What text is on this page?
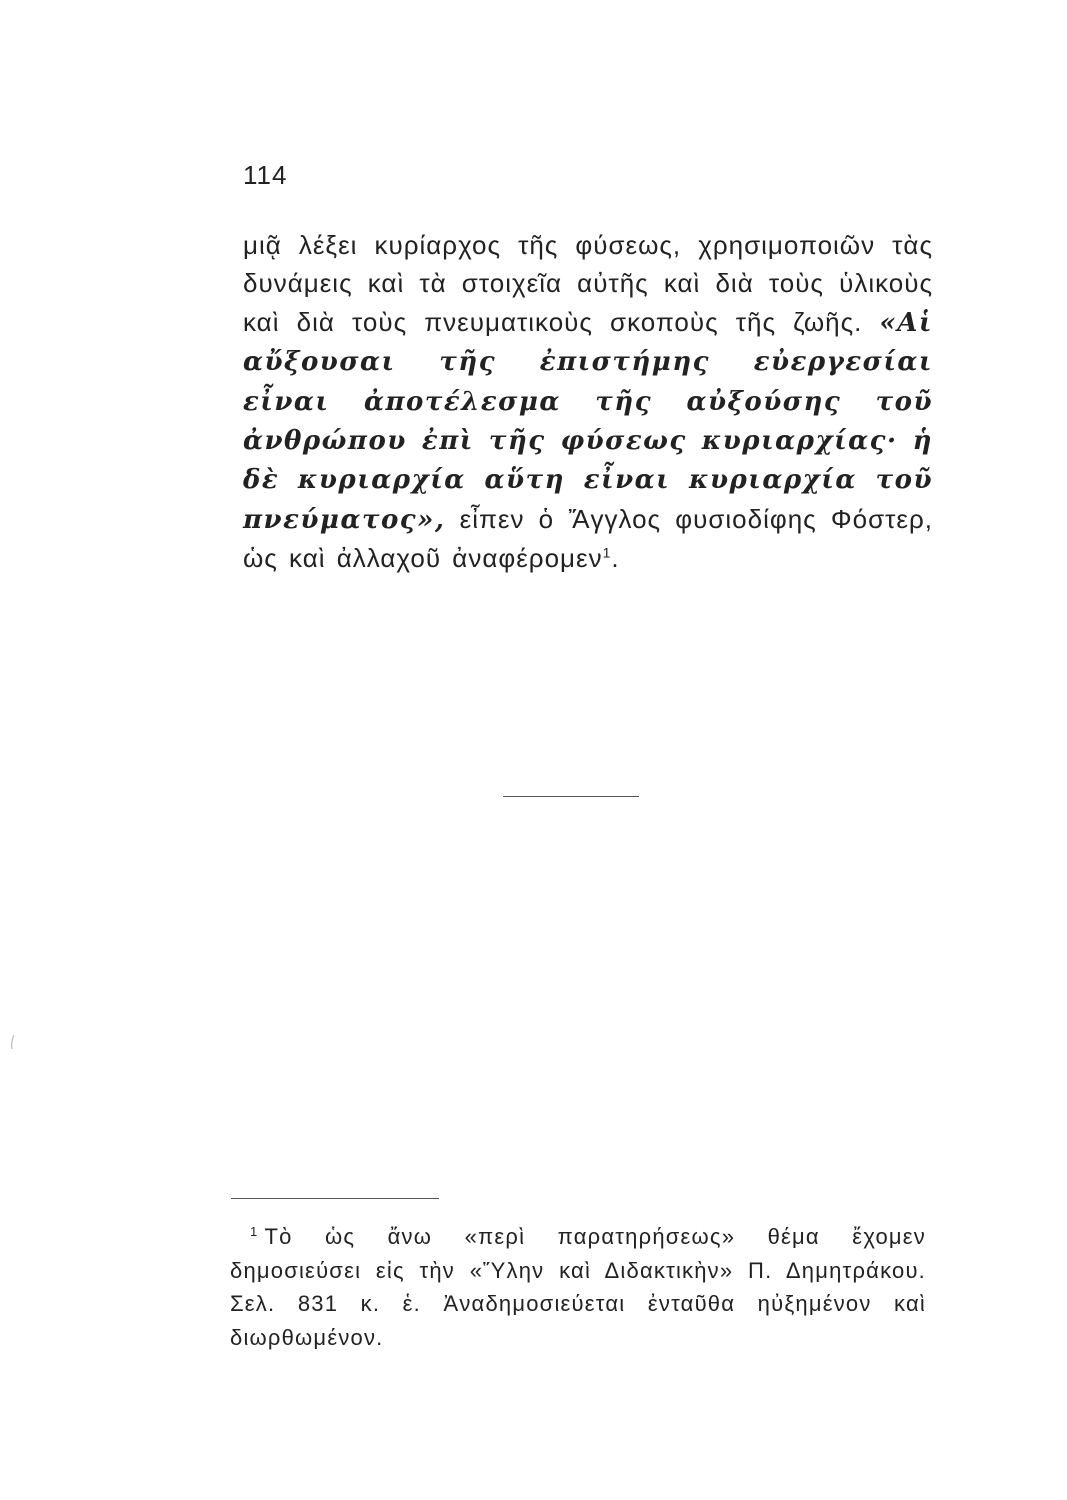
114
μιᾷ λέξει κυρίαρχος τῆς φύσεως, χρησιμοποιῶν τὰς δυνάμεις καὶ τὰ στοιχεῖα αὐτῆς καὶ διὰ τοὺς ὑλικοὺς καὶ διὰ τοὺς πνευματικοὺς σκοποὺς τῆς ζωῆς. «Αἱ αὔξουσαι τῆς ἐπιστήμης εὐεργεσίαι εἶναι ἀποτέλεσμα τῆς αὐξούσης τοῦ ἀνθρώπου ἐπὶ τῆς φύσεως κυριαρχίας· ἡ δὲ κυριαρχία αὕτη εἶναι κυριαρχία τοῦ πνεύματος», εἶπεν ὁ Ἄγγλος φυσιοδίφης Φόστερ, ὡς καὶ ἀλλαχοῦ ἀναφέρομεν$^1$.
$^1$ Τὸ ὡς ἄνω «περὶ παρατηρήσεως» θέμα ἔχομεν δημοσιεύσει εἰς τὴν «Ὕλην καὶ Διδακτικὴν» Π. Δημητράκου. Σελ. 831 κ. ἑ. Ἀναδημοσιεύεται ἐνταῦθα ηὐξημένον καὶ διωρθωμένον.
